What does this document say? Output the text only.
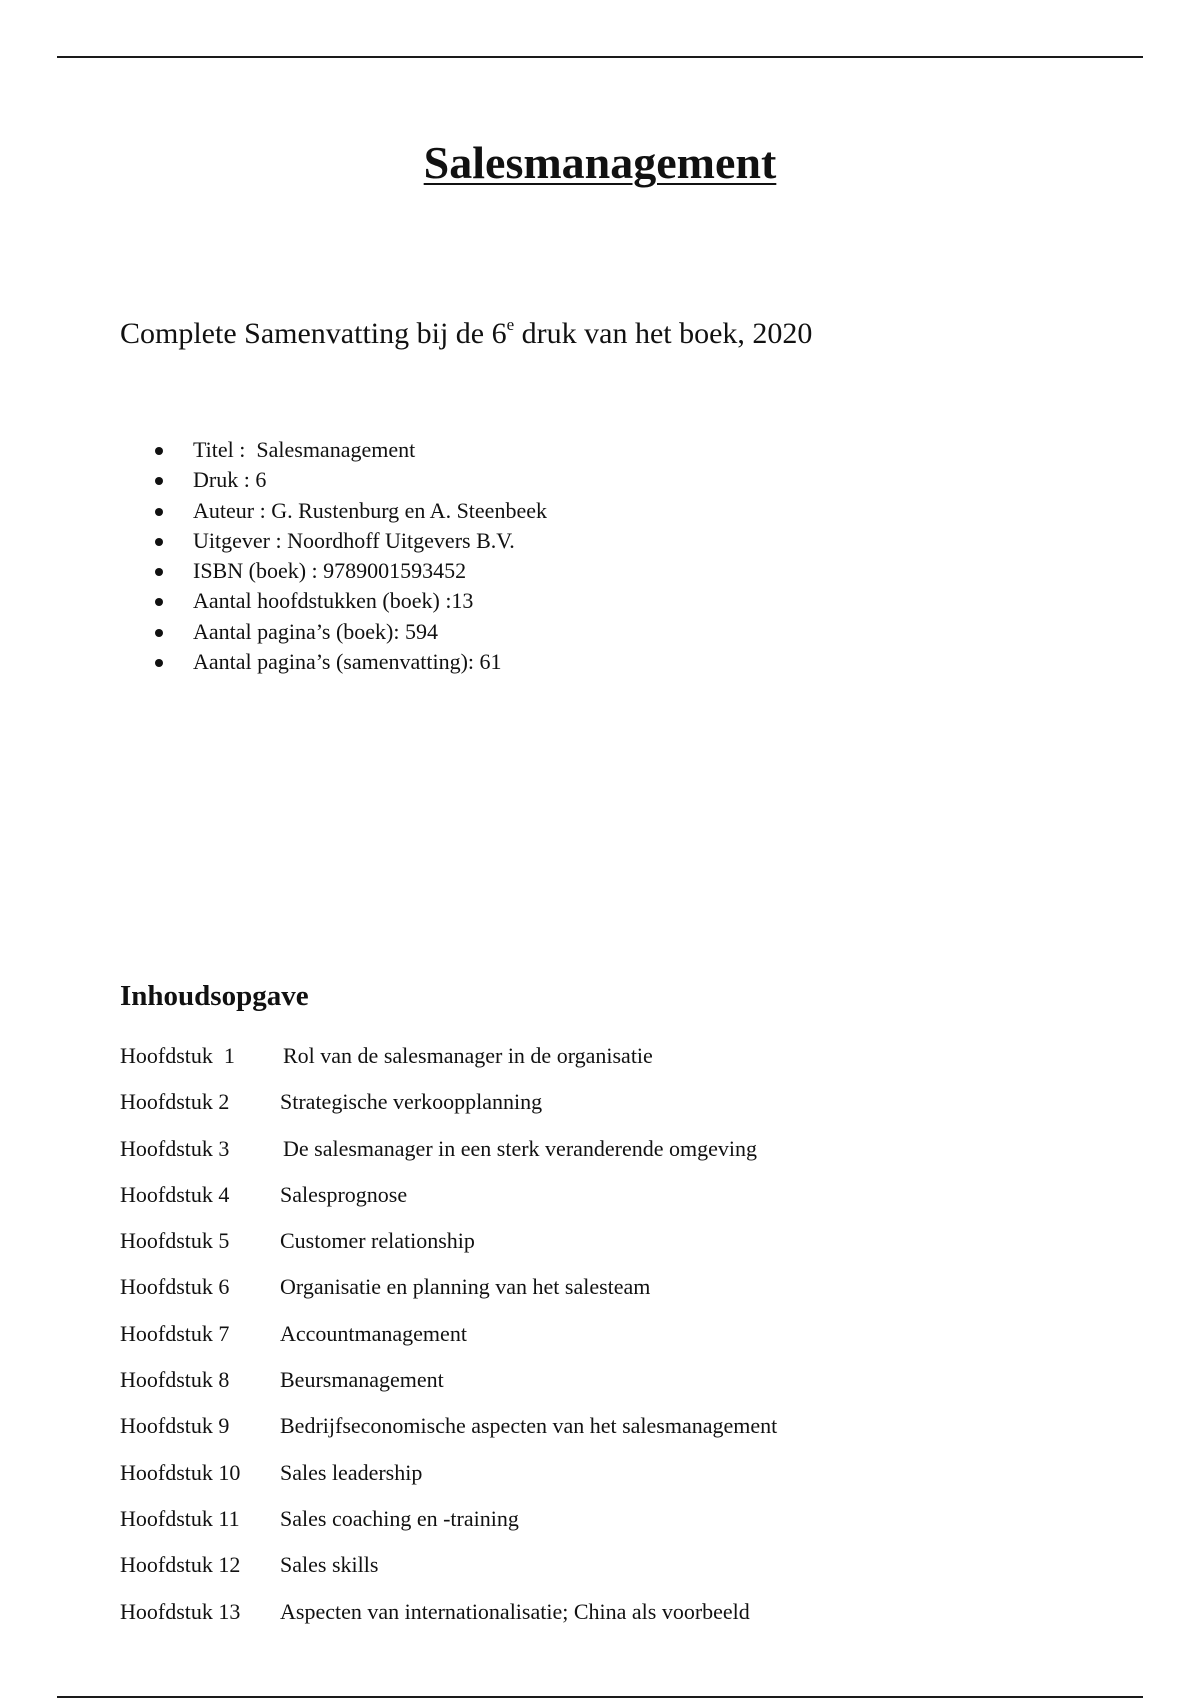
Salesmanagement

Complete Samenvatting bij de 6e druk van het boek, 2020

Titel :  Salesmanagement
Druk : 6
Auteur : G. Rustenburg en A. Steenbeek
Uitgever : Noordhoff Uitgevers B.V.
ISBN (boek) : 9789001593452
Aantal hoofdstukken (boek) :13
Aantal pagina’s (boek): 594
Aantal pagina’s (samenvatting): 61
Inhoudsopgave
Hoofdstuk  1 Rol van de salesmanager in de organisatie
Hoofdstuk 2 Strategische verkoopplanning
Hoofdstuk 3 De salesmanager in een sterk veranderende omgeving
Hoofdstuk 4 Salesprognose
Hoofdstuk 5 Customer relationship
Hoofdstuk 6 Organisatie en planning van het salesteam
Hoofdstuk 7 Accountmanagement
Hoofdstuk 8 Beursmanagement
Hoofdstuk 9 Bedrijfseconomische aspecten van het salesmanagement
Hoofdstuk 10 Sales leadership
Hoofdstuk 11 Sales coaching en -training
Hoofdstuk 12 Sales skills
Hoofdstuk 13 Aspecten van internationalisatie; China als voorbeeld
